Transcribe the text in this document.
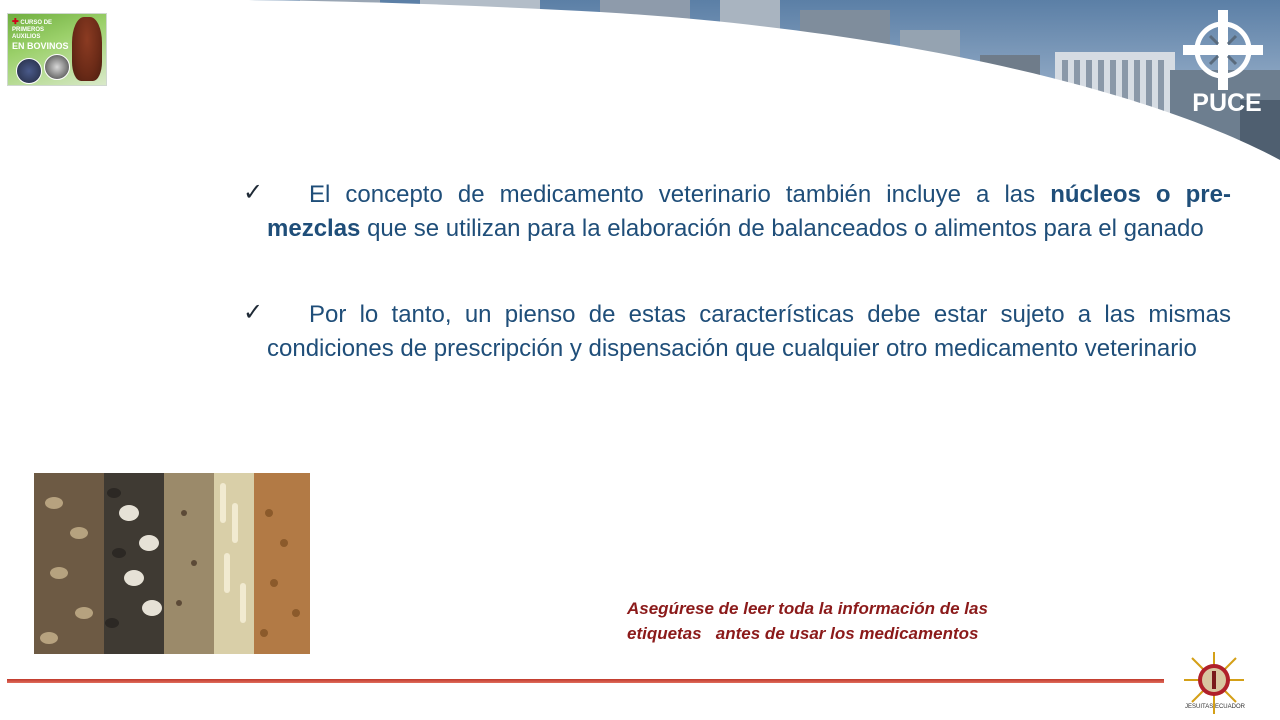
✚ CURSO DE
PRIMEROS AUXILIOS
EN BOVINOS
PUCE
✓ El concepto de medicamento veterinario también incluye a las núcleos o pre-mezclas que se utilizan para la elaboración de balanceados o alimentos para el ganado
✓ Por lo tanto, un pienso de estas características debe estar sujeto a las mismas condiciones de prescripción y dispensación que cualquier otro medicamento veterinario
Asegúrese de leer toda la información de las
etiquetas   antes de usar los medicamentos
JESUITAS ECUADOR
